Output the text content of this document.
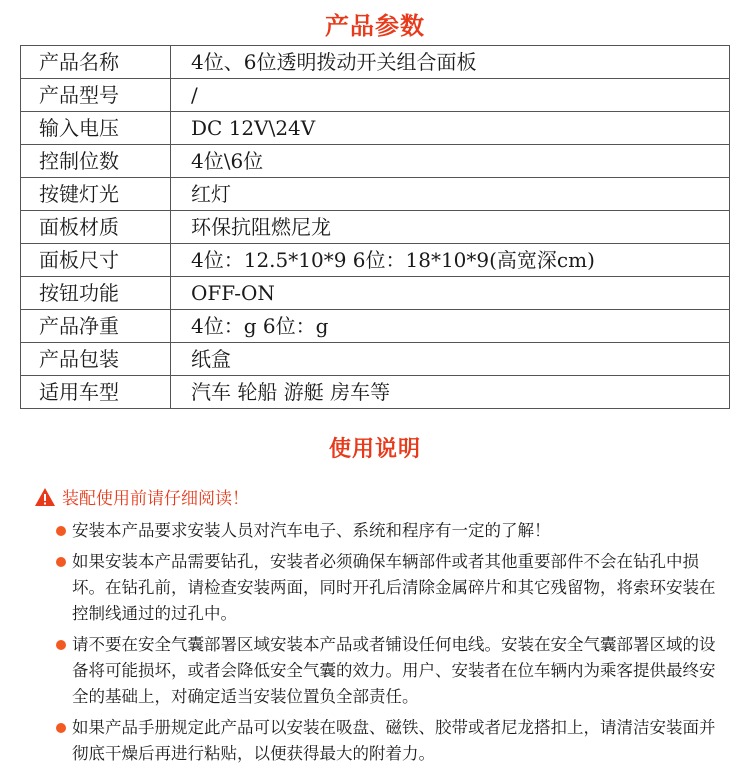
产品参数
产品名称	4位、6位透明拨动开关组合面板
产品型号	/
输入电压	DC 12V\24V
控制位数	4位\6位
按键灯光	红灯
面板材质	环保抗阻燃尼龙
面板尺寸	4位：12.5*10*9 6位：18*10*9(高宽深cm)
按钮功能	OFF-ON
产品净重	4位：g 6位：g
产品包装	纸盒
适用车型	汽车 轮船 游艇 房车等
使用说明
装配使用前请仔细阅读！
安装本产品要求安装人员对汽车电子、系统和程序有一定的了解！
如果安装本产品需要钻孔，安装者必须确保车辆部件或者其他重要部件不会在钻孔中损坏。在钻孔前，请检查安装两面，同时开孔后清除金属碎片和其它残留物，将索环安装在控制线通过的过孔中。
请不要在安全气囊部署区域安装本产品或者铺设任何电线。安装在安全气囊部署区域的设备将可能损坏，或者会降低安全气囊的效力。用户、安装者在位车辆内为乘客提供最终安全的基础上，对确定适当安装位置负全部责任。
如果产品手册规定此产品可以安装在吸盘、磁铁、胶带或者尼龙搭扣上，请清洁安装面并彻底干燥后再进行粘贴，以便获得最大的附着力。
